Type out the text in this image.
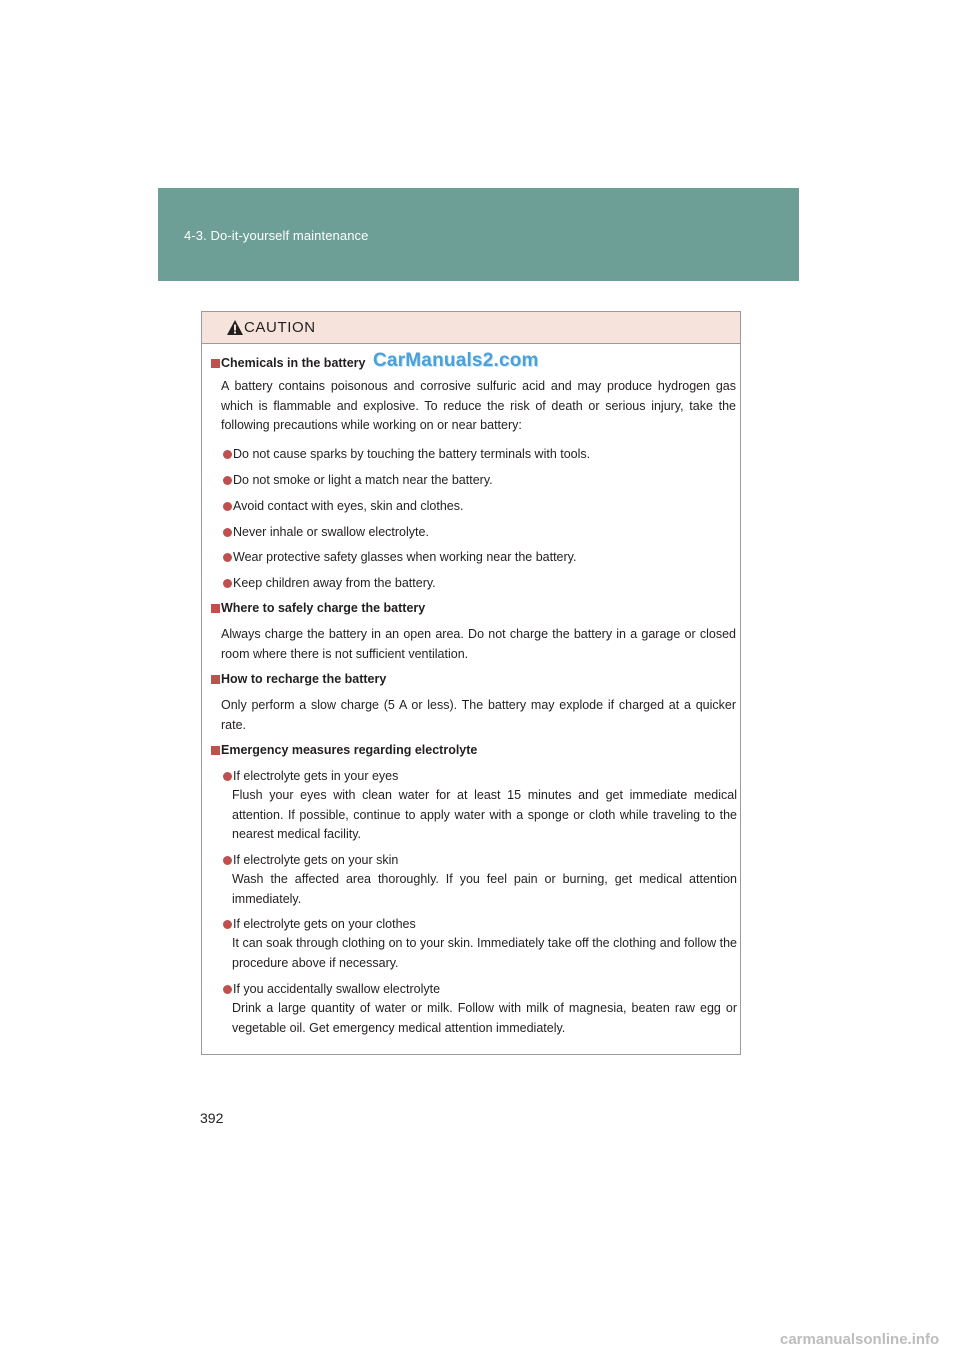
4-3. Do-it-yourself maintenance
CAUTION
Chemicals in the battery
A battery contains poisonous and corrosive sulfuric acid and may produce hydrogen gas which is flammable and explosive. To reduce the risk of death or serious injury, take the following precautions while working on or near battery:
Do not cause sparks by touching the battery terminals with tools.
Do not smoke or light a match near the battery.
Avoid contact with eyes, skin and clothes.
Never inhale or swallow electrolyte.
Wear protective safety glasses when working near the battery.
Keep children away from the battery.
Where to safely charge the battery
Always charge the battery in an open area. Do not charge the battery in a garage or closed room where there is not sufficient ventilation.
How to recharge the battery
Only perform a slow charge (5 A or less). The battery may explode if charged at a quicker rate.
Emergency measures regarding electrolyte
If electrolyte gets in your eyes
Flush your eyes with clean water for at least 15 minutes and get immediate medical attention. If possible, continue to apply water with a sponge or cloth while traveling to the nearest medical facility.
If electrolyte gets on your skin
Wash the affected area thoroughly. If you feel pain or burning, get medical attention immediately.
If electrolyte gets on your clothes
It can soak through clothing on to your skin. Immediately take off the clothing and follow the procedure above if necessary.
If you accidentally swallow electrolyte
Drink a large quantity of water or milk. Follow with milk of magnesia, beaten raw egg or vegetable oil. Get emergency medical attention immediately.
CarManuals2.com
392
carmanualsonline.info
